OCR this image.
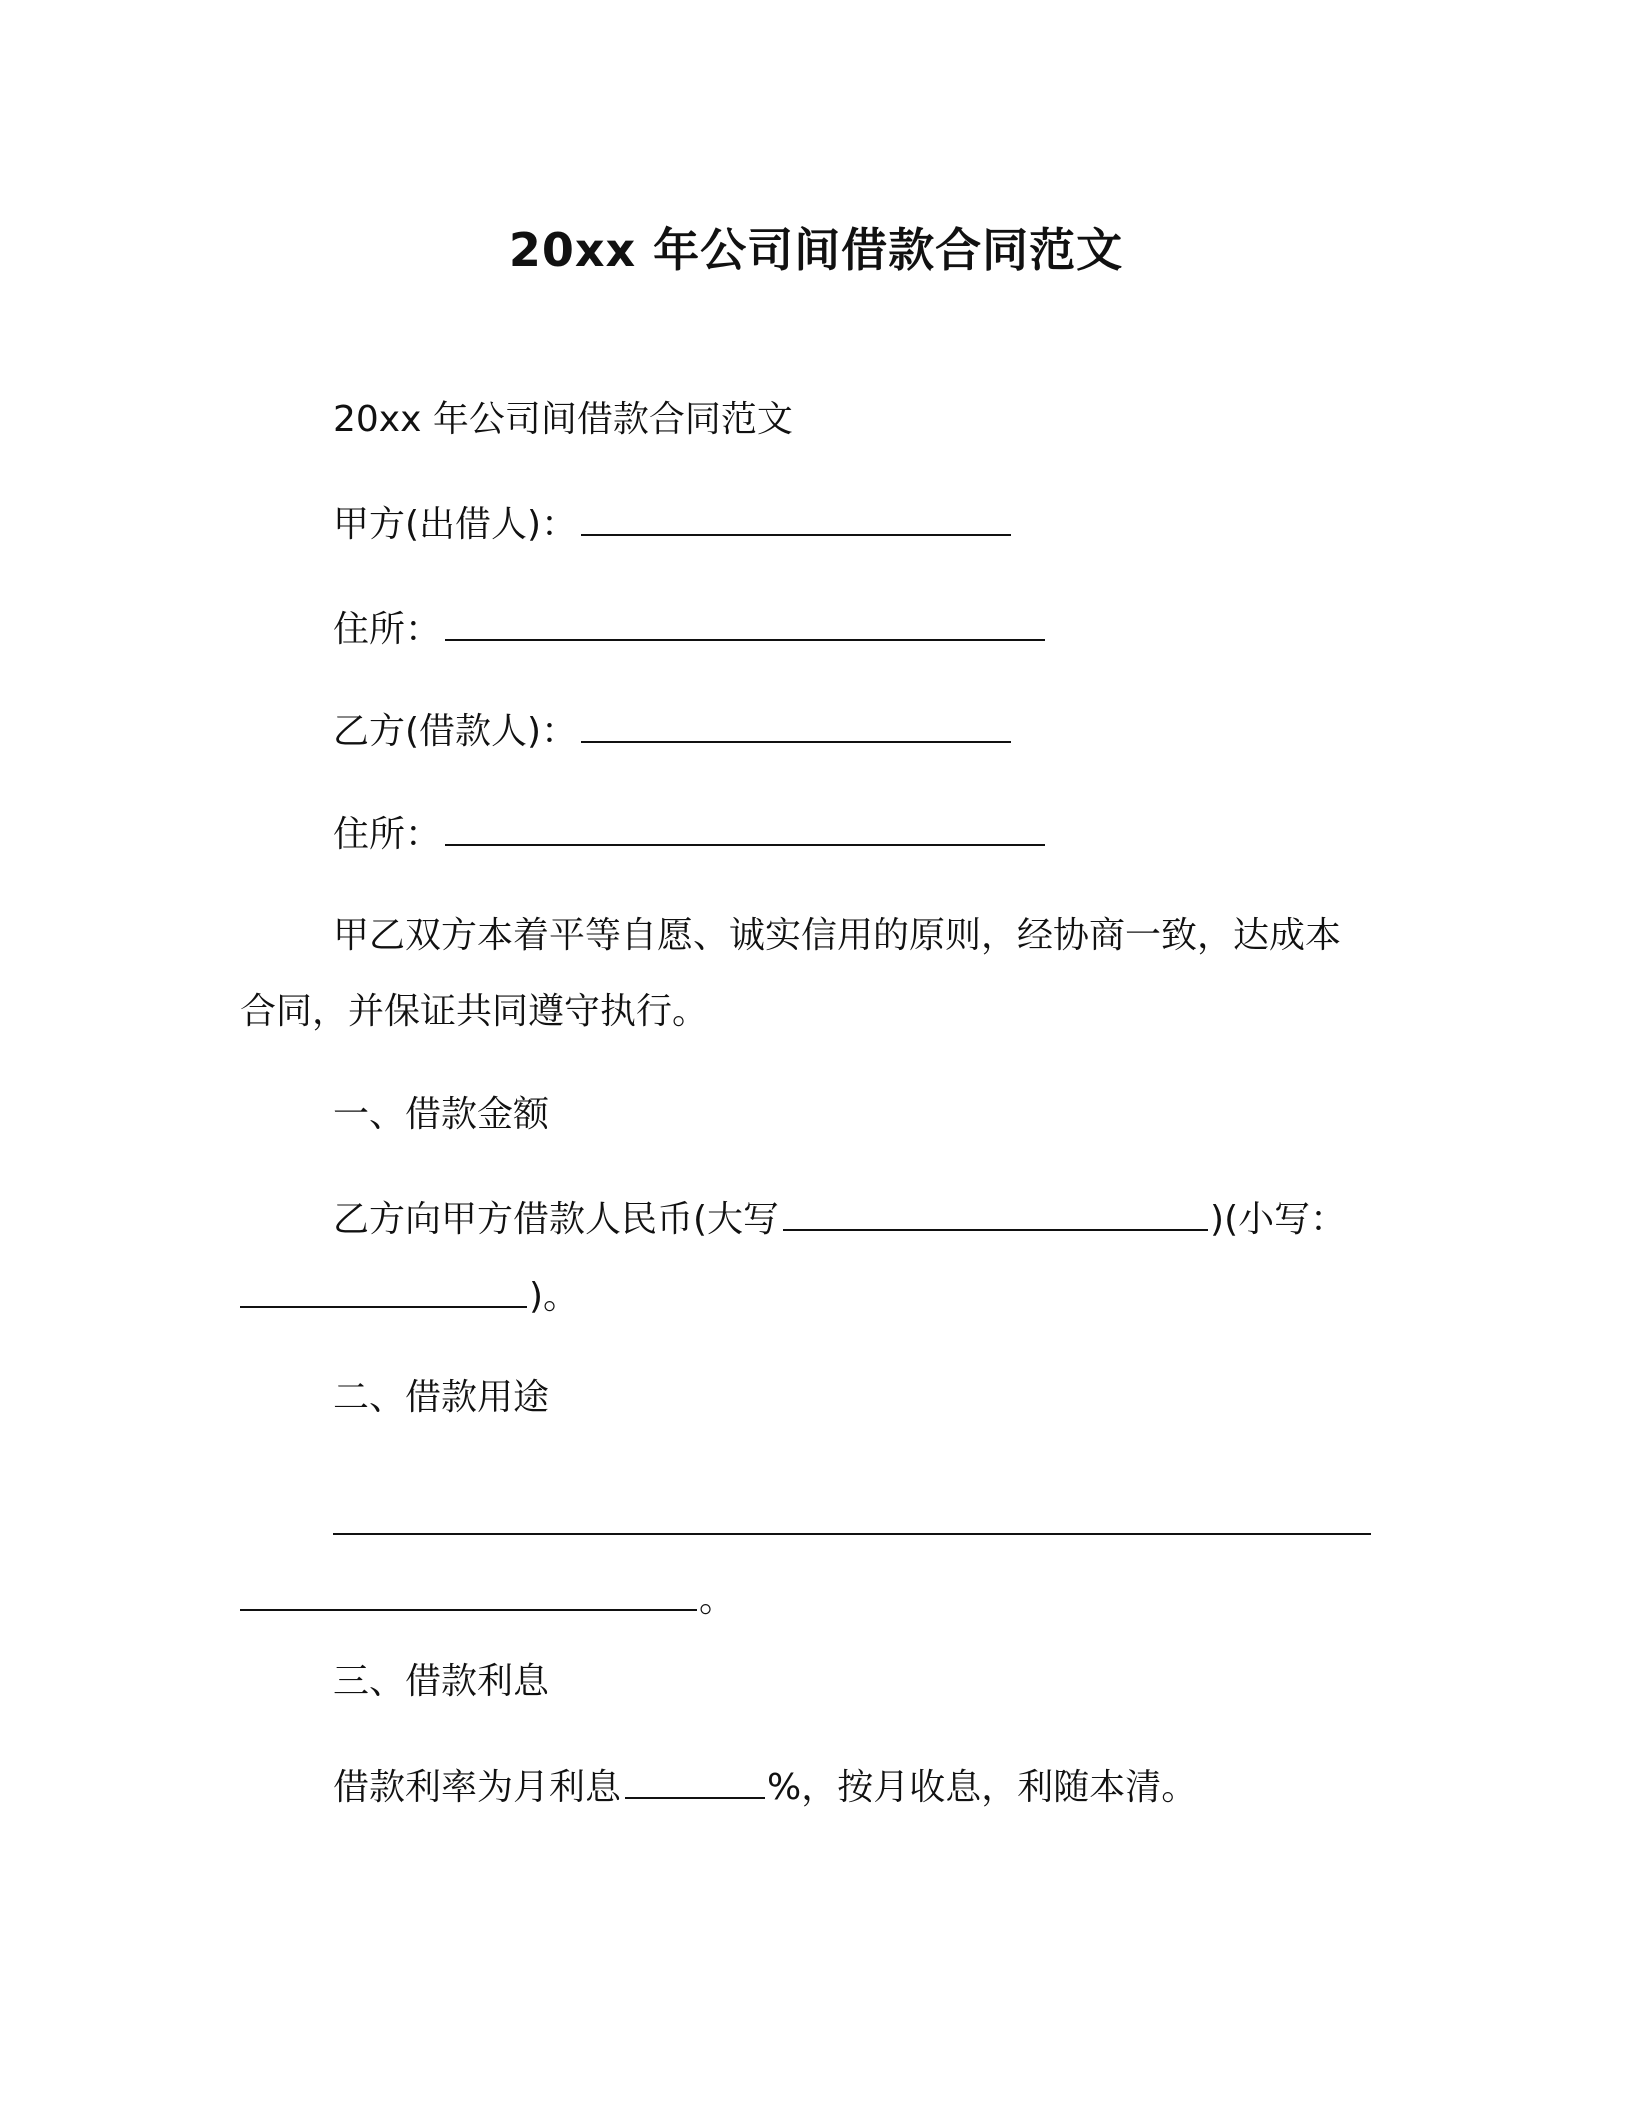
20xx 年公司间借款合同范文

20xx 年公司间借款合同范文

甲方(出借人)：

住所：

乙方(借款人)：

住所：

甲乙双方本着平等自愿、诚实信用的原则，经协商一致，达成本

合同，并保证共同遵守执行。

一、借款金额

乙方向甲方借款人民币(大写	)(小写：

)。

二、借款用途

。

三、借款利息

借款利率为月利息	%，按月收息，利随本清。
